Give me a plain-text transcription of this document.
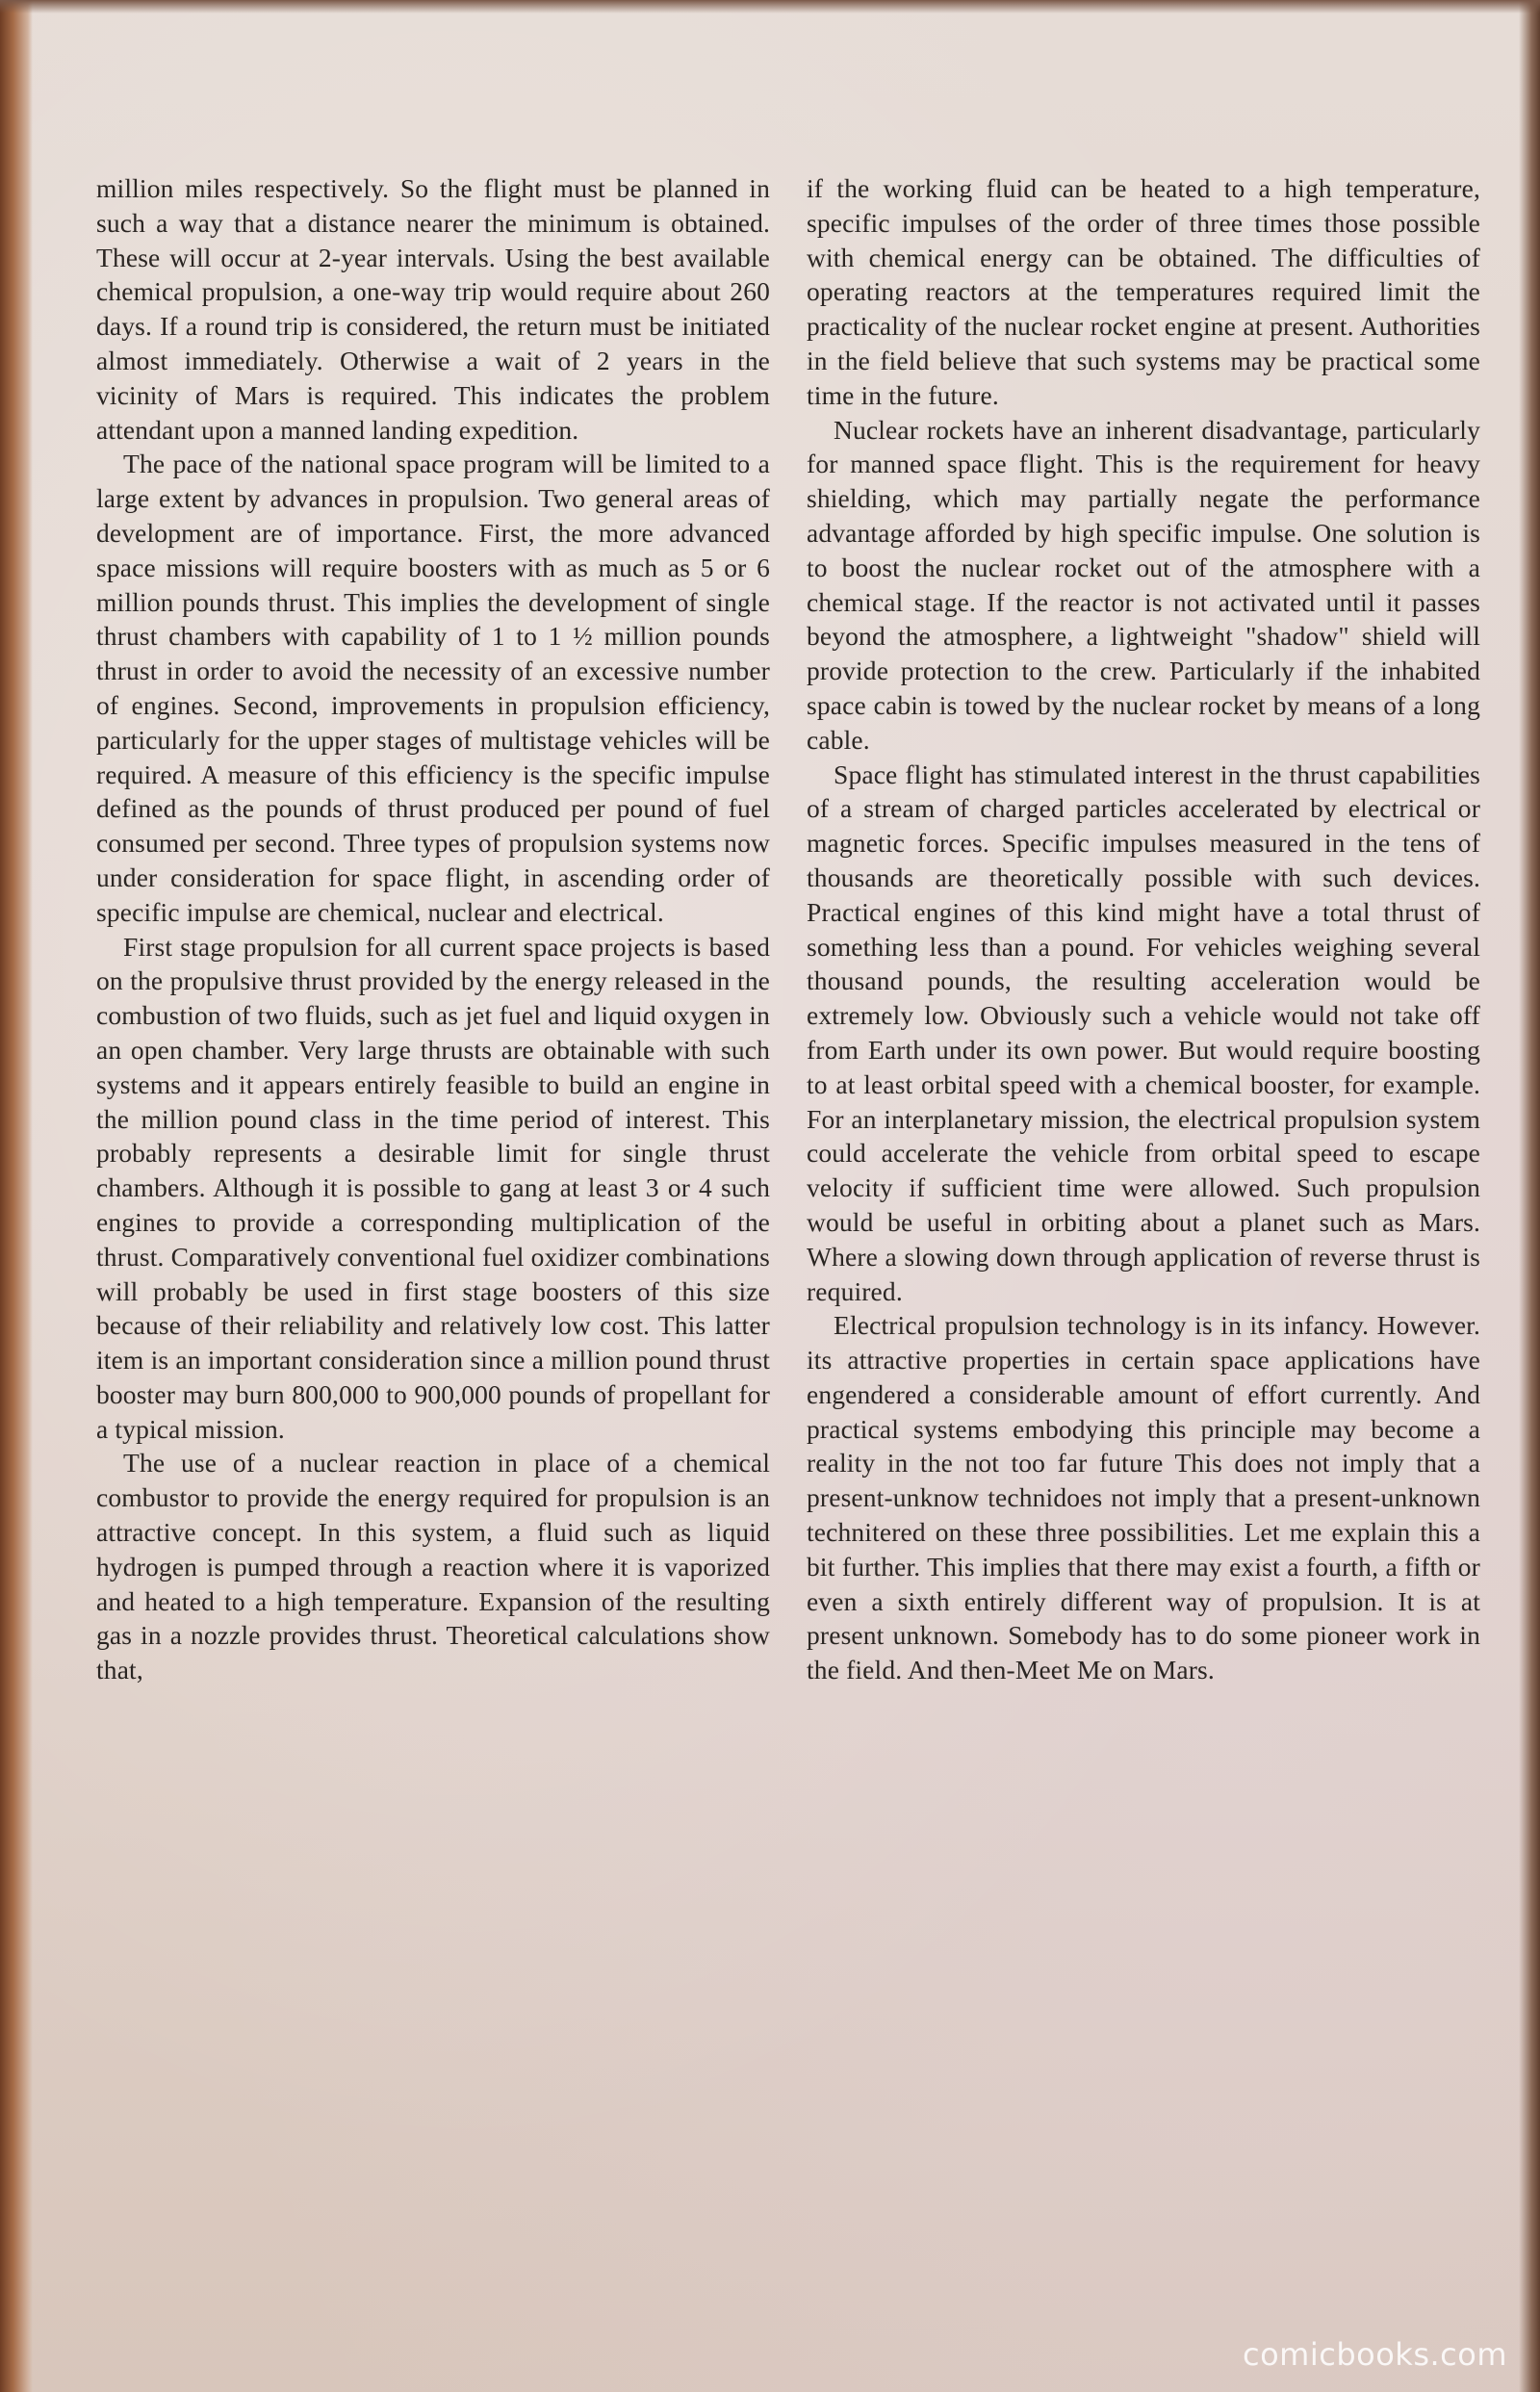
million miles respectively. So the flight must be planned in such a way that a distance nearer the minimum is obtained. These will occur at 2-year intervals. Using the best available chemical propulsion, a one-way trip would require about 260 days. If a round trip is considered, the return must be initiated almost immediately. Otherwise a wait of 2 years in the vicinity of Mars is required. This indicates the problem attendant upon a manned landing expedition.

The pace of the national space program will be limited to a large extent by advances in propulsion. Two general areas of development are of importance. First, the more advanced space missions will require boosters with as much as 5 or 6 million pounds thrust. This implies the development of single thrust chambers with capability of 1 to 1 ½ million pounds thrust in order to avoid the necessity of an excessive number of engines. Second, improvements in propulsion efficiency, particularly for the upper stages of multistage vehicles will be required. A measure of this efficiency is the specific impulse defined as the pounds of thrust produced per pound of fuel consumed per second. Three types of propulsion systems now under consideration for space flight, in ascending order of specific impulse are chemical, nuclear and electrical.

First stage propulsion for all current space projects is based on the propulsive thrust provided by the energy released in the combustion of two fluids, such as jet fuel and liquid oxygen in an open chamber. Very large thrusts are obtainable with such systems and it appears entirely feasible to build an engine in the million pound class in the time period of interest. This probably represents a desirable limit for single thrust chambers. Although it is possible to gang at least 3 or 4 such engines to provide a corresponding multiplication of the thrust. Comparatively conventional fuel oxidizer combinations will probably be used in first stage boosters of this size because of their reliability and relatively low cost. This latter item is an important consideration since a million pound thrust booster may burn 800,000 to 900,000 pounds of propellant for a typical mission.

The use of a nuclear reaction in place of a chemical combustor to provide the energy required for propulsion is an attractive concept. In this system, a fluid such as liquid hydrogen is pumped through a reaction where it is vaporized and heated to a high temperature. Expansion of the resulting gas in a nozzle provides thrust. Theoretical calculations show that,

if the working fluid can be heated to a high temperature, specific impulses of the order of three times those possible with chemical energy can be obtained. The difficulties of operating reactors at the temperatures required limit the practicality of the nuclear rocket engine at present. Authorities in the field believe that such systems may be practical some time in the future.

Nuclear rockets have an inherent disadvantage, particularly for manned space flight. This is the requirement for heavy shielding, which may partially negate the performance advantage afforded by high specific impulse. One solution is to boost the nuclear rocket out of the atmosphere with a chemical stage. If the reactor is not activated until it passes beyond the atmosphere, a lightweight "shadow" shield will provide protection to the crew. Particularly if the inhabited space cabin is towed by the nuclear rocket by means of a long cable.

Space flight has stimulated interest in the thrust capabilities of a stream of charged particles accelerated by electrical or magnetic forces. Specific impulses measured in the tens of thousands are theoretically possible with such devices. Practical engines of this kind might have a total thrust of something less than a pound. For vehicles weighing several thousand pounds, the resulting acceleration would be extremely low. Obviously such a vehicle would not take off from Earth under its own power. But would require boosting to at least orbital speed with a chemical booster, for example. For an interplanetary mission, the electrical propulsion system could accelerate the vehicle from orbital speed to escape velocity if sufficient time were allowed. Such propulsion would be useful in orbiting about a planet such as Mars. Where a slowing down through application of reverse thrust is required.

Electrical propulsion technology is in its infancy. However. its attractive properties in certain space applications have engendered a considerable amount of effort currently. And practical systems embodying this principle may become a reality in the not too far future This does not imply that a present-unknow technidoes not imply that a present-unknown technitered on these three possibilities. Let me explain this a bit further. This implies that there may exist a fourth, a fifth or even a sixth entirely different way of propulsion. It is at present unknown. Somebody has to do some pioneer work in the field. And then-Meet Me on Mars.

comicbooks.com
